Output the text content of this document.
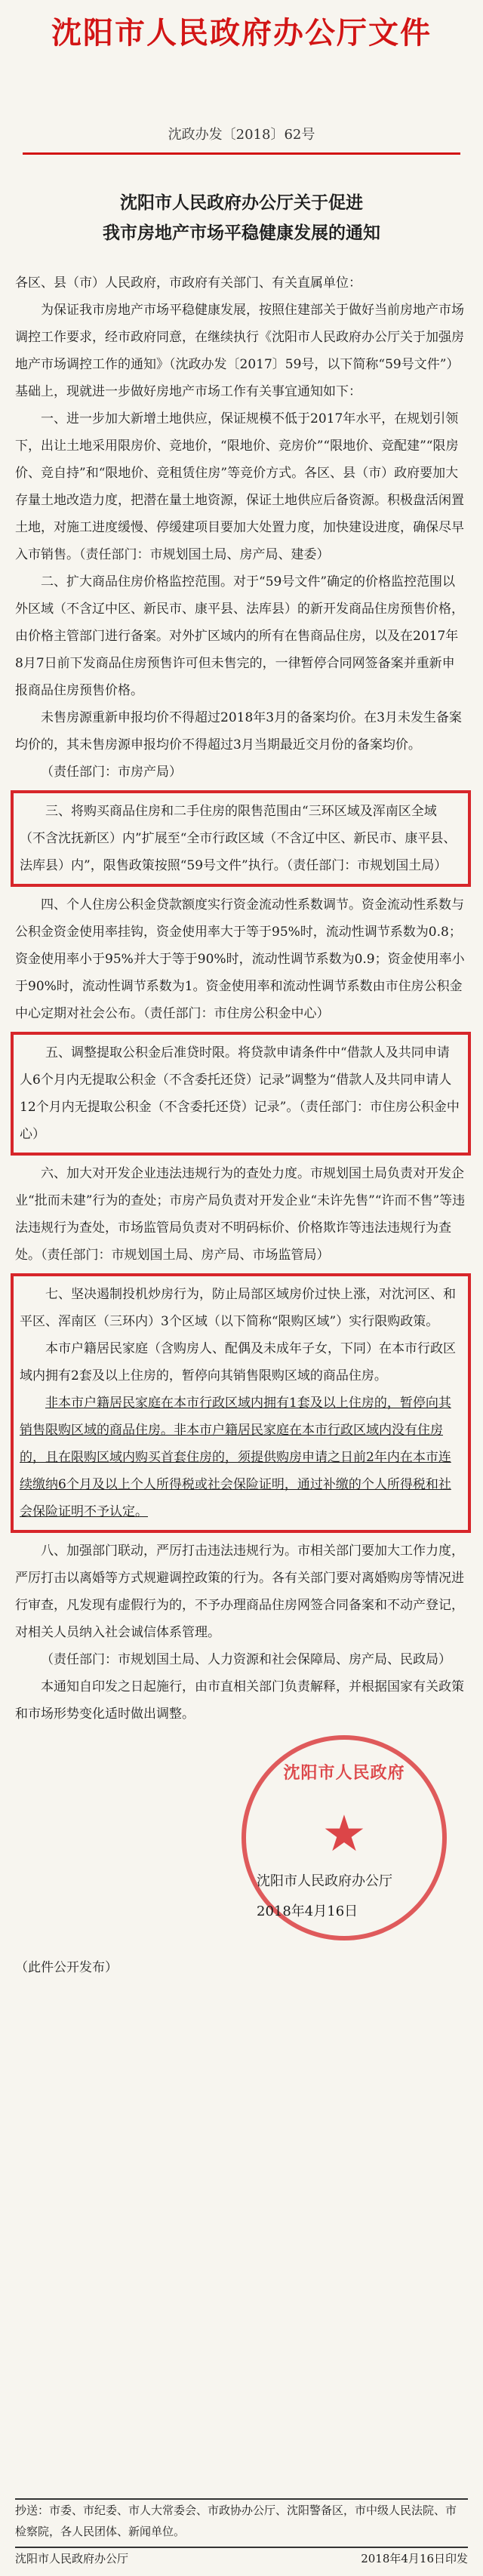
沈阳市人民政府办公厅文件
沈政办发〔2018〕62号
沈阳市人民政府办公厅关于促进
我市房地产市场平稳健康发展的通知

各区、县（市）人民政府，市政府有关部门、有关直属单位：

为保证我市房地产市场平稳健康发展，按照住建部关于做好当前房地产市场调控工作要求，经市政府同意，在继续执行《沈阳市人民政府办公厅关于加强房地产市场调控工作的通知》（沈政办发〔2017〕59号，以下简称“59号文件”）基础上，现就进一步做好房地产市场工作有关事宜通知如下：

一、进一步加大新增土地供应，保证规模不低于2017年水平，在规划引领下，出让土地采用限房价、竞地价，“限地价、竞房价”“限地价、竞配建”“限房价、竞自持”和“限地价、竞租赁住房”等竞价方式。各区、县（市）政府要加大存量土地改造力度，把潜在量土地资源，保证土地供应后备资源。积极盘活闲置土地，对施工进度缓慢、停缓建项目要加大处置力度，加快建设进度，确保尽早入市销售。（责任部门：市规划国土局、房产局、建委）

二、扩大商品住房价格监控范围。对于“59号文件”确定的价格监控范围以外区域（不含辽中区、新民市、康平县、法库县）的新开发商品住房预售价格，由价格主管部门进行备案。对外扩区域内的所有在售商品住房，以及在2017年8月7日前下发商品住房预售许可但未售完的，一律暂停合同网签备案并重新申报商品住房预售价格。

未售房源重新申报均价不得超过2018年3月的备案均价。在3月未发生备案均价的，其未售房源申报均价不得超过3月当期最近交月份的备案均价。

（责任部门：市房产局）

三、将购买商品住房和二手住房的限售范围由“三环区域及浑南区全域（不含沈抚新区）内”扩展至“全市行政区域（不含辽中区、新民市、康平县、法库县）内”，限售政策按照“59号文件”执行。（责任部门：市规划国土局）

四、个人住房公积金贷款额度实行资金流动性系数调节。资金流动性系数与公积金资金使用率挂钩，资金使用率大于等于95%时，流动性调节系数为0.8；资金使用率小于95%并大于等于90%时，流动性调节系数为0.9；资金使用率小于90%时，流动性调节系数为1。资金使用率和流动性调节系数由市住房公积金中心定期对社会公布。（责任部门：市住房公积金中心）

五、调整提取公积金后准贷时限。将贷款申请条件中“借款人及共同申请人6个月内无提取公积金（不含委托还贷）记录”调整为“借款人及共同申请人12个月内无提取公积金（不含委托还贷）记录”。（责任部门：市住房公积金中心）

六、加大对开发企业违法违规行为的查处力度。市规划国土局负责对开发企业“批而未建”行为的查处；市房产局负责对开发企业“未许先售”“许而不售”等违法违规行为查处，市场监管局负责对不明码标价、价格欺诈等违法违规行为查处。（责任部门：市规划国土局、房产局、市场监管局）

七、坚决遏制投机炒房行为，防止局部区域房价过快上涨，对沈河区、和平区、浑南区（三环内）3个区域（以下简称“限购区域”）实行限购政策。

本市户籍居民家庭（含购房人、配偶及未成年子女，下同）在本市行政区域内拥有2套及以上住房的，暂停向其销售限购区域的商品住房。

非本市户籍居民家庭在本市行政区域内拥有1套及以上住房的，暂停向其销售限购区域的商品住房。非本市户籍居民家庭在本市行政区域内没有住房的，且在限购区域内购买首套住房的，须提供购房申请之日前2年内在本市连续缴纳6个月及以上个人所得税或社会保险证明，通过补缴的个人所得税和社会保险证明不予认定。

八、加强部门联动，严厉打击违法违规行为。市相关部门要加大工作力度，严厉打击以离婚等方式规避调控政策的行为。各有关部门要对离婚购房等情况进行审查，凡发现有虚假行为的，不予办理商品住房网签合同备案和不动产登记，对相关人员纳入社会诚信体系管理。

（责任部门：市规划国土局、人力资源和社会保障局、房产局、民政局）

本通知自印发之日起施行，由市直相关部门负责解释，并根据国家有关政策和市场形势变化适时做出调整。

沈阳市人民政府
★
沈阳市人民政府办公厅
2018年4月16日

（此件公开发布）

抄送：市委、市纪委、市人大常委会、市政协办公厅、沈阳警备区，市中级人民法院、市检察院，各人民团体、新闻单位。
沈阳市人民政府办公厅	2018年4月16日印发
